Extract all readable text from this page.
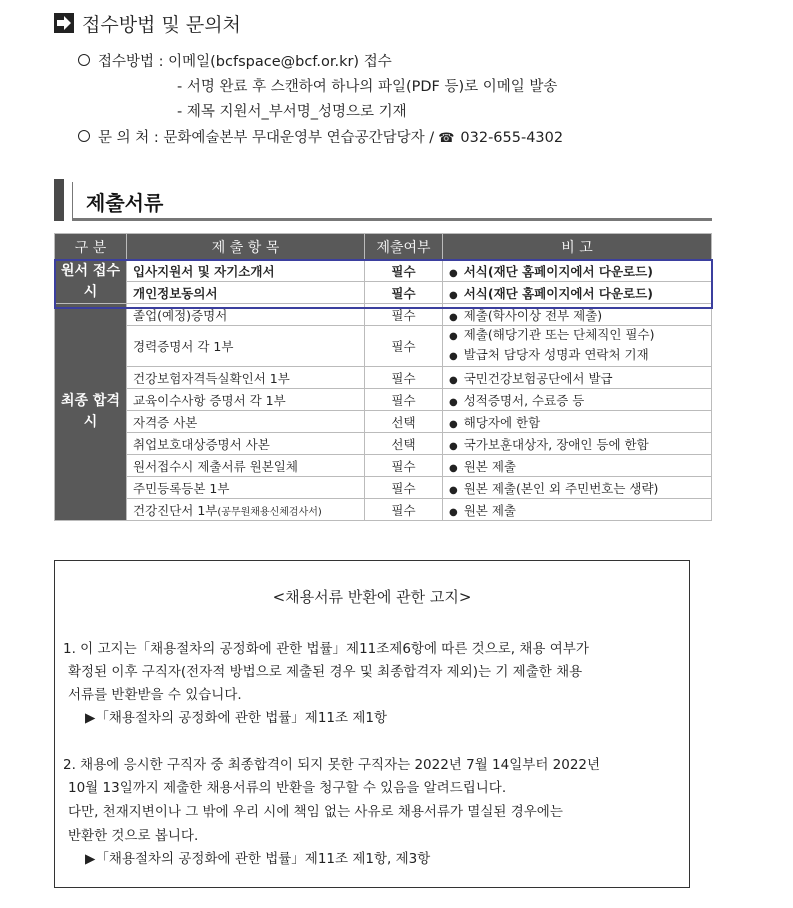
접수방법 및 문의처
접수방법 : 이메일(bcfspace@bcf.or.kr) 접수
- 서명 완료 후 스캔하여 하나의 파일(PDF 등)로 이메일 발송
- 제목 지원서_부서명_성명으로 기재
문 의 처 : 문화예술본부 무대운영부 연습공간담당자 / ☎ 032-655-4302
제출서류
구 분	제 출 항 목	제출여부	비 고
원서 접수시	입사지원서 및 자기소개서	필수	● 서식(재단 홈페이지에서 다운로드)
	개인정보동의서	필수	● 서식(재단 홈페이지에서 다운로드)
최종 합격시	졸업(예정)증명서	필수	● 제출(학사이상 전부 제출)
	경력증명서 각 1부	필수	● 제출(해당기관 또는 단체직인 필수)
● 발급처 담당자 성명과 연락처 기재

	건강보험자격득실확인서 1부	필수	● 국민건강보험공단에서 발급
	교육이수사항 증명서 각 1부	필수	● 성적증명서, 수료증 등
	자격증 사본	선택	● 해당자에 한함
	취업보호대상증명서 사본	선택	● 국가보훈대상자, 장애인 등에 한함
	원서접수시 제출서류 원본일체	필수	● 원본 제출
	주민등록등본 1부	필수	● 원본 제출(본인 외 주민번호는 생략)
	건강진단서 1부(공무원채용신체검사서)	필수	● 원본 제출
<채용서류 반환에 관한 고지>
1. 이 고지는「채용절차의 공정화에 관한 법률」제11조제6항에 따른 것으로, 채용 여부가
확정된 이후 구직자(전자적 방법으로 제출된 경우 및 최종합격자 제외)는 기 제출한 채용
서류를 반환받을 수 있습니다.
▶「채용절차의 공정화에 관한 법률」제11조 제1항
2. 채용에 응시한 구직자 중 최종합격이 되지 못한 구직자는 2022년 7월 14일부터 2022년
10월 13일까지 제출한 채용서류의 반환을 청구할 수 있음을 알려드립니다.
다만, 천재지변이나 그 밖에 우리 시에 책임 없는 사유로 채용서류가 멸실된 경우에는
반환한 것으로 봅니다.
▶「채용절차의 공정화에 관한 법률」제11조 제1항, 제3항
